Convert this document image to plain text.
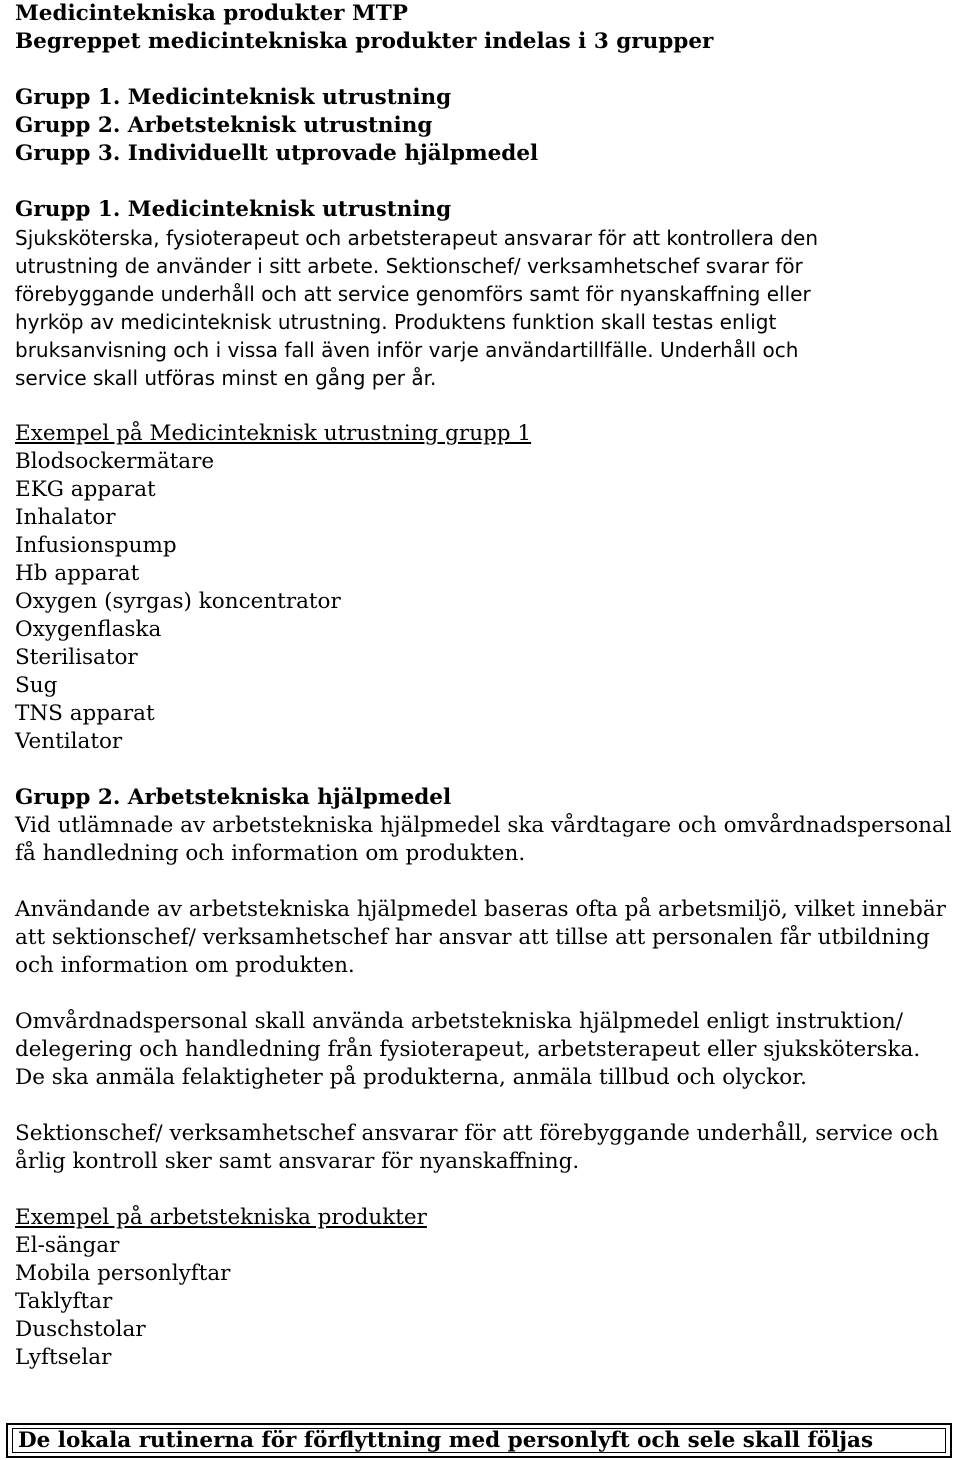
Medicintekniska produkter MTP
Begreppet medicintekniska produkter indelas i 3 grupper
Grupp 1. Medicinteknisk utrustning
Grupp 2. Arbetsteknisk utrustning
Grupp 3. Individuellt utprovade hjälpmedel
Grupp 1. Medicinteknisk utrustning
Sjuksköterska, fysioterapeut och arbetsterapeut ansvarar för att kontrollera den
utrustning de använder i sitt arbete. Sektionschef/ verksamhetschef svarar för
förebyggande underhåll och att service genomförs samt för nyanskaffning eller
hyrköp av medicinteknisk utrustning. Produktens funktion skall testas enligt
bruksanvisning och i vissa fall även inför varje användartillfälle. Underhåll och
service skall utföras minst en gång per år.
Exempel på Medicinteknisk utrustning grupp 1
Blodsockermätare
EKG apparat
Inhalator
Infusionspump
Hb apparat
Oxygen (syrgas) koncentrator
Oxygenflaska
Sterilisator
Sug
TNS apparat
Ventilator
Grupp 2. Arbetstekniska hjälpmedel
Vid utlämnade av arbetstekniska hjälpmedel ska vårdtagare och omvårdnadspersonal
få handledning och information om produkten.
Användande av arbetstekniska hjälpmedel baseras ofta på arbetsmiljö, vilket innebär
att sektionschef/ verksamhetschef har ansvar att tillse att personalen får utbildning
och information om produkten.
Omvårdnadspersonal skall använda arbetstekniska hjälpmedel enligt instruktion/
delegering och handledning från fysioterapeut, arbetsterapeut eller sjuksköterska.
De ska anmäla felaktigheter på produkterna, anmäla tillbud och olyckor.
Sektionschef/ verksamhetschef ansvarar för att förebyggande underhåll, service och
årlig kontroll sker samt ansvarar för nyanskaffning.
Exempel på arbetstekniska produkter
El-sängar
Mobila personlyftar
Taklyftar
Duschstolar
Lyftselar
De lokala rutinerna för förflyttning med personlyft och sele skall följas
